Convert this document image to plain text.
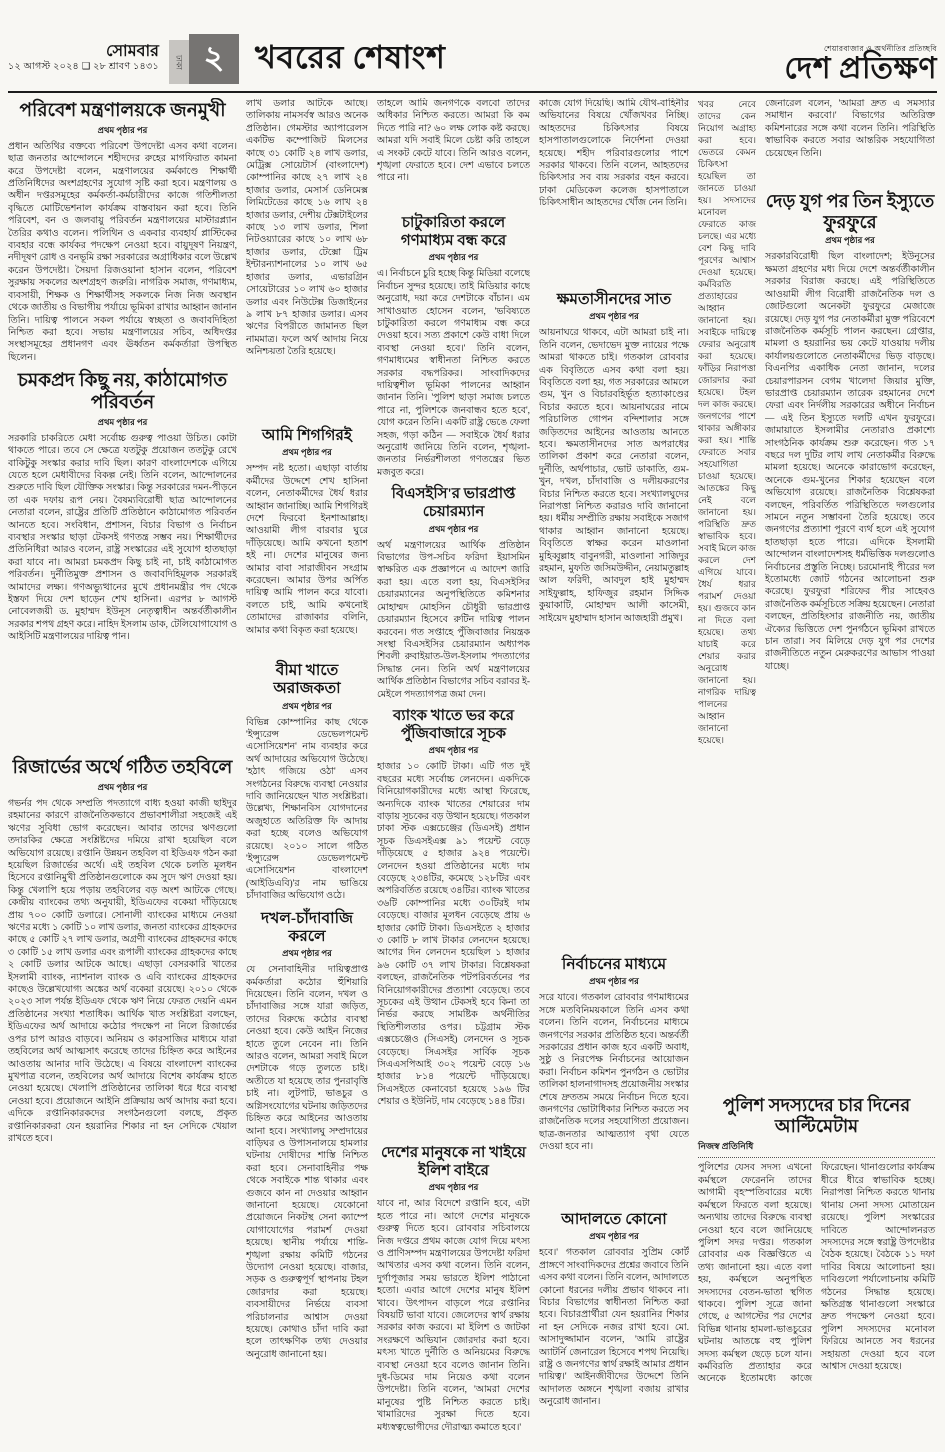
সোমবার
১২ আগস্ট ২০২৪ ❑ ২৮ শ্রাবণ ১৪৩১	ঢাকা ২ খবরের শেষাংশ	শেয়ারবাজার ও অর্থনীতির প্রতিচ্ছবি
দেশ প্রতিক্ষণ
পরিবেশ মন্ত্রণালয়কে জনমুখী
প্রথম পৃষ্ঠার পর

প্রধান অতিথির বক্তব্যে পরিবেশ উপদেষ্টা এসব কথা বলেন। ছাত্র জনতার আন্দোলনে শহীদদের রুহের মাগফিরাত কামনা করে উপদেষ্টা বলেন, মন্ত্রণালয়ের কর্মকাণ্ডে শিক্ষার্থী প্রতিনিধিদের অংশগ্রহণের সুযোগ সৃষ্টি করা হবে। মন্ত্রণালয় ও অধীন দপ্তরসমূহের কর্মকর্তা-কর্মচারীদের কাজে গতিশীলতা বৃদ্ধিতে মোটিভেশনাল কার্যক্রম বাস্তবায়ন করা হবে। তিনি পরিবেশ, বন ও জলবায়ু পরিবর্তন মন্ত্রণালয়ের মাস্টারপ্ল্যান তৈরির কথাও বলেন। পলিথিন ও একবার ব্যবহার্য প্লাস্টিকের ব্যবহার বন্ধে কার্যকর পদক্ষেপ নেওয়া হবে। বায়ুদূষণ নিয়ন্ত্রণ, নদীদূষণ রোধ ও বনভূমি রক্ষা সরকারের অগ্রাধিকার বলে উল্লেখ করেন উপদেষ্টা। সৈয়দা রিজওয়ানা হাসান বলেন, পরিবেশ সুরক্ষায় সকলের অংশগ্রহণ জরুরি। নাগরিক সমাজ, গণমাধ্যম, ব্যবসায়ী, শিক্ষক ও শিক্ষার্থীসহ সকলকে নিজ নিজ অবস্থান থেকে জাতীয় ও বিভাগীয় পর্যায়ে ভূমিকা রাখার আহ্বান জানান তিনি। দায়িত্ব পালনে সকল পর্যায়ে স্বচ্ছতা ও জবাবদিহিতা নিশ্চিত করা হবে। সভায় মন্ত্রণালয়ের সচিব, অধিদপ্তর সংস্থাসমূহের প্রধানগণ এবং ঊর্ধ্বতন কর্মকর্তারা উপস্থিত ছিলেন।

চমকপ্রদ কিছু নয়, কাঠামোগত পরিবর্তন
প্রথম পৃষ্ঠার পর

সরকারি চাকরিতে মেধা সর্বোচ্চ গুরুত্ব পাওয়া উচিত। কোটা থাকতে পারে। তবে সে ক্ষেত্রে যতটুকু প্রয়োজন ততটুকু রেখে বাকিটুকু সংস্কার করার দাবি ছিল। কারণ বাংলাদেশকে এগিয়ে যেতে হলে মেধাবীদের বিকল্প নেই। তিনি বলেন, আন্দোলনের শুরুতে দাবি ছিল যৌক্তিক সংস্কার। কিন্তু সরকারের দমন-পীড়নে তা এক দফায় রূপ নেয়। বৈষম্যবিরোধী ছাত্র আন্দোলনের নেতারা বলেন, রাষ্ট্রের প্রতিটি প্রতিষ্ঠানে কাঠামোগত পরিবর্তন আনতে হবে। সংবিধান, প্রশাসন, বিচার বিভাগ ও নির্বাচন ব্যবস্থার সংস্কার ছাড়া টেকসই গণতন্ত্র সম্ভব নয়। শিক্ষার্থীদের প্রতিনিধিরা আরও বলেন, রাষ্ট্র সংস্কারের এই সুযোগ হাতছাড়া করা যাবে না। আমরা চমকপ্রদ কিছু চাই না, চাই কাঠামোগত পরিবর্তন। দুর্নীতিমুক্ত প্রশাসন ও জবাবদিহিমূলক সরকারই আমাদের লক্ষ্য। গণঅভ্যুত্থানের মুখে প্রধানমন্ত্রীর পদ থেকে ইস্তফা দিয়ে দেশ ছাড়েন শেখ হাসিনা। এরপর ৮ আগস্ট নোবেলজয়ী ড. মুহাম্মদ ইউনূস নেতৃত্বাধীন অন্তর্বর্তীকালীন সরকার শপথ গ্রহণ করে। নাহিদ ইসলাম ডাক, টেলিযোগাযোগ ও আইসিটি মন্ত্রণালয়ের দায়িত্ব পান।

রিজার্ভের অর্থে গঠিত তহবিলে
প্রথম পৃষ্ঠার পর

গভর্নর পদ থেকে সম্প্রতি পদত্যাগে বাধ্য হওয়া কাজী ছাইদুর রহমানের কারণে রাজনৈতিকভাবে প্রভাবশালীরা সহজেই এই ঋণের সুবিধা ভোগ করেছেন। আবার তাদের ঋণগুলো তদারকির ক্ষেত্রে সংশ্লিষ্টদের দমিয়ে রাখা হয়েছিল বলে অভিযোগ রয়েছে। রপ্তানি উন্নয়ন তহবিল বা ইডিএফ গঠন করা হয়েছিল রিজার্ভের অর্থে। এই তহবিল থেকে চলতি মূলধন হিসেবে রপ্তানিমুখী প্রতিষ্ঠানগুলোকে কম সুদে ঋণ দেওয়া হয়। কিন্তু খেলাপি হয়ে পড়ায় তহবিলের বড় অংশ আটকে গেছে। কেন্দ্রীয় ব্যাংকের তথ্য অনুযায়ী, ইডিএফের বকেয়া দাঁড়িয়েছে প্রায় ৭০০ কোটি ডলারে। সোনালী ব্যাংকের মাধ্যমে নেওয়া ঋণের মধ্যে ১ কোটি ১০ লাখ ডলার, জনতা ব্যাংকের গ্রাহকদের কাছে ৫ কোটি ২৭ লাখ ডলার, অগ্রণী ব্যাংকের গ্রাহকদের কাছে ৩ কোটি ১৫ লাখ ডলার এবং রূপালী ব্যাংকের গ্রাহকদের কাছে ২ কোটি ডলার আটকে আছে। এছাড়া বেসরকারি খাতের ইসলামী ব্যাংক, ন্যাশনাল ব্যাংক ও এবি ব্যাংকের গ্রাহকদের কাছেও উল্লেখযোগ্য অঙ্কের অর্থ বকেয়া রয়েছে। ২০১০ থেকে ২০২৩ সাল পর্যন্ত ইডিএফ থেকে ঋণ নিয়ে ফেরত দেয়নি এমন প্রতিষ্ঠানের সংখ্যা শতাধিক। আর্থিক খাত সংশ্লিষ্টরা বলছেন, ইডিএফের অর্থ আদায়ে কঠোর পদক্ষেপ না নিলে রিজার্ভের ওপর চাপ আরও বাড়বে। অনিয়ম ও কারসাজির মাধ্যমে যারা তহবিলের অর্থ আত্মসাৎ করেছে তাদের চিহ্নিত করে আইনের আওতায় আনার দাবি উঠেছে। এ বিষয়ে বাংলাদেশ ব্যাংকের মুখপাত্র বলেন, তহবিলের অর্থ আদায়ে বিশেষ কার্যক্রম হাতে নেওয়া হয়েছে। খেলাপি প্রতিষ্ঠানের তালিকা ধরে ধরে ব্যবস্থা নেওয়া হবে। প্রয়োজনে আইনি প্রক্রিয়ায় অর্থ আদায় করা হবে। এদিকে রপ্তানিকারকদের সংগঠনগুলো বলছে, প্রকৃত রপ্তানিকারকরা যেন হয়রানির শিকার না হন সেদিকে খেয়াল রাখতে হবে।

লাখ ডলার আটকে আছে। তালিকায় নামসর্বস্ব আরও অনেক প্রতিষ্ঠান। গেমস্টার অ্যাপারেলস একটিভ কম্পোজিট মিলসের কাছে ৩১ কোটি ২৪ লাখ ডলার, মেট্রিক্স সোয়েটার্স (বাংলাদেশ) কোম্পানির কাছে ২৭ লাখ ২৪ হাজার ডলার, মেসার্স ডেনিমেক্স লিমিটেডের কাছে ১৬ লাখ ২৪ হাজার ডলার, দেশীয় টেক্সটাইলের কাছে ১৩ লাখ ডলার, শিলা নিটওয়্যারের কাছে ১০ লাখ ৬৮ হাজার ডলার, টেক্সো ট্রিম ইন্টারন্যাশনালের ১০ লাখ ৬৫ হাজার ডলার, এভারগ্রিন সোয়েটারের ১০ লাখ ৬০ হাজার ডলার এবং নিউটেক্স ডিজাইনের ৯ লাখ ৮৭ হাজার ডলার। এসব ঋণের বিপরীতে জামানত ছিল নামমাত্র। ফলে অর্থ আদায় নিয়ে অনিশ্চয়তা তৈরি হয়েছে।

আমি শিগগিরই
প্রথম পৃষ্ঠার পর

সম্পদ নষ্ট হতো। এছাড়া বার্তায় কর্মীদের উদ্দেশে শেখ হাসিনা বলেন, নেতাকর্মীদের ধৈর্য ধরার আহ্বান জানাচ্ছি। আমি শিগগিরই দেশে ফিরবো ইনশাআল্লাহ। আওয়ামী লীগ বারবার ঘুরে দাঁড়িয়েছে। আমি কখনো হতাশ হই না। দেশের মানুষের জন্য আমার বাবা সারাজীবন সংগ্রাম করেছেন। আমার উপর অর্পিত দায়িত্ব আমি পালন করে যাবো। বলতে চাই, আমি কখনোই তোমাদের রাজাকার বলিনি, আমার কথা বিকৃত করা হয়েছে।

বীমা খাতে অরাজকতা
প্রথম পৃষ্ঠার পর

বিভিন্ন কোম্পানির কাছ থেকে 'ইন্স্যুরেন্স ডেভেলপমেন্ট এসোসিয়েশন' নাম ব্যবহার করে অর্থ আদায়ের অভিযোগ উঠেছে। 'হঠাৎ গজিয়ে ওঠা' এসব সংগঠনের বিরুদ্ধে ব্যবস্থা নেওয়ার দাবি জানিয়েছেন খাত সংশ্লিষ্টরা। উল্লেখ্য, শিক্ষানবিস যোগদানের অজুহাতে অতিরিক্ত ফি আদায় করা হচ্ছে বলেও অভিযোগ রয়েছে। ২০১০ সালে গঠিত 'ইন্স্যুরেন্স ডেভেলপমেন্ট এসোসিয়েশন বাংলাদেশ (আইডিএবি)'র নাম ভাঙিয়ে চাঁদাবাজির অভিযোগ ওঠে।

দখল-চাঁদাবাজি করলে
প্রথম পৃষ্ঠার পর

যে সেনাবাহিনীর দায়িত্বপ্রাপ্ত কর্মকর্তারা কঠোর হুঁশিয়ারি দিয়েছেন। তিনি বলেন, দখল ও চাঁদাবাজির সঙ্গে যারা জড়িত, তাদের বিরুদ্ধে কঠোর ব্যবস্থা নেওয়া হবে। কেউ আইন নিজের হাতে তুলে নেবেন না। তিনি আরও বলেন, আমরা সবাই মিলে দেশটাকে গড়ে তুলতে চাই। অতীতে যা হয়েছে তার পুনরাবৃত্তি চাই না। লুটপাট, ভাঙচুর ও অগ্নিসংযোগের ঘটনায় জড়িতদের চিহ্নিত করে আইনের আওতায় আনা হবে। সংখ্যালঘু সম্প্রদায়ের বাড়িঘর ও উপাসনালয়ে হামলার ঘটনায় দোষীদের শাস্তি নিশ্চিত করা হবে। সেনাবাহিনীর পক্ষ থেকে সবাইকে শান্ত থাকার এবং গুজবে কান না দেওয়ার আহ্বান জানানো হয়েছে। যেকোনো প্রয়োজনে নিকটস্থ সেনা ক্যাম্পে যোগাযোগের পরামর্শ দেওয়া হয়েছে। স্থানীয় পর্যায়ে শান্তি-শৃঙ্খলা রক্ষায় কমিটি গঠনের উদ্যোগ নেওয়া হয়েছে। বাজার, সড়ক ও গুরুত্বপূর্ণ স্থাপনায় টহল জোরদার করা হয়েছে। ব্যবসায়ীদের নির্ভয়ে ব্যবসা পরিচালনার আশ্বাস দেওয়া হয়েছে। কোথাও চাঁদা দাবি করা হলে তাৎক্ষণিক তথ্য দেওয়ার অনুরোধ জানানো হয়।

তাহলে আমি জনগণকে বলবো তাদের অধিকার নিশ্চিত করতে। আমরা কি কম দিতে পারি না? ৬০ লক্ষ লোক কষ্ট করছে। আমরা যদি সবাই মিলে চেষ্টা করি তাহলে এ সংকট কেটে যাবে। তিনি আরও বলেন, শৃঙ্খলা ফেরাতে হবে। দেশ এভাবে চলতে পারে না।

চাটুকারিতা করলে গণমাধ্যম বন্ধ করে
প্রথম পৃষ্ঠার পর

এ। নির্বাচনে চুরি হচ্ছে কিন্তু মিডিয়া বলেছে নির্বাচন সুন্দর হয়েছে। তাই মিডিয়ার কাছে অনুরোধ, দয়া করে দেশটাকে বাঁচান। এম সাখাওয়াত হোসেন বলেন, 'ভবিষ্যতে চাটুকারিতা করলে গণমাধ্যম বন্ধ করে দেওয়া হবে। সত্য প্রকাশে কেউ বাধা দিলে ব্যবস্থা নেওয়া হবে।' তিনি বলেন, গণমাধ্যমের স্বাধীনতা নিশ্চিত করতে সরকার বদ্ধপরিকর। সাংবাদিকদের দায়িত্বশীল ভূমিকা পালনের আহ্বান জানান তিনি। 'পুলিশ ছাড়া সমাজ চলতে পারে না, পুলিশকে জনবান্ধব হতে হবে', যোগ করেন তিনি। একটি রাষ্ট্র ভেঙে ফেলা সহজ, গড়া কঠিন — সবাইকে ধৈর্য ধরার অনুরোধ জানিয়ে তিনি বলেন, শৃঙ্খলা-জনতার নির্ভরশীলতা গণতন্ত্রের ভিত মজবুত করে।

বিএসইসি'র ভারপ্রাপ্ত চেয়ারম্যান
প্রথম পৃষ্ঠার পর

অর্থ মন্ত্রণালয়ের আর্থিক প্রতিষ্ঠান বিভাগের উপ-সচিব ফরিদা ইয়াসমিন স্বাক্ষরিত এক প্রজ্ঞাপনে এ আদেশ জারি করা হয়। এতে বলা হয়, বিএসইসির চেয়ারম্যানের অনুপস্থিতিতে কমিশনার মোহাম্মদ মোহসিন চৌধুরী ভারপ্রাপ্ত চেয়ারম্যান হিসেবে রুটিন দায়িত্ব পালন করবেন। গত সপ্তাহে পুঁজিবাজার নিয়ন্ত্রক সংস্থা বিএসইসির চেয়ারম্যান অধ্যাপক শিবলী রুবাইয়াত-উল-ইসলাম পদত্যাগের সিদ্ধান্ত নেন। তিনি অর্থ মন্ত্রণালয়ের আর্থিক প্রতিষ্ঠান বিভাগের সচিব বরাবর ই-মেইলে পদত্যাগপত্র জমা দেন।

ব্যাংক খাতে ভর করে পুঁজিবাজারে সূচক
প্রথম পৃষ্ঠার পর

হাজার ১০ কোটি টাকা। এটি গত দুই বছরের মধ্যে সর্বোচ্চ লেনদেন। একদিকে বিনিয়োগকারীদের মধ্যে আস্থা ফিরেছে, অন্যদিকে ব্যাংক খাতের শেয়ারের দাম বাড়ায় সূচকের বড় উত্থান হয়েছে। গতকাল ঢাকা স্টক এক্সচেঞ্জের (ডিএসই) প্রধান সূচক ডিএসইএক্স ৯১ পয়েন্ট বেড়ে দাঁড়িয়েছে ৫ হাজার ৯২৪ পয়েন্টে। লেনদেন হওয়া প্রতিষ্ঠানের মধ্যে দাম বেড়েছে ২৩৪টির, কমেছে ১২৮টির এবং অপরিবর্তিত রয়েছে ৩৪টির। ব্যাংক খাতের ৩৬টি কোম্পানির মধ্যে ৩০টিরই দাম বেড়েছে। বাজার মূলধন বেড়েছে প্রায় ৬ হাজার কোটি টাকা। ডিএসইতে ২ হাজার ৩ কোটি ৮ লাখ টাকার লেনদেন হয়েছে। আগের দিন লেনদেন হয়েছিল ১ হাজার ৯৬ কোটি ৩৭ লাখ টাকার। বিশ্লেষকরা বলছেন, রাজনৈতিক পটপরিবর্তনের পর বিনিয়োগকারীদের প্রত্যাশা বেড়েছে। তবে সূচকের এই উত্থান টেকসই হবে কিনা তা নির্ভর করছে সামষ্টিক অর্থনীতির স্থিতিশীলতার ওপর। চট্টগ্রাম স্টক এক্সচেঞ্জেও (সিএসই) লেনদেন ও সূচক বেড়েছে। সিএসইর সার্বিক সূচক সিএএসপিআই ৩০২ পয়েন্ট বেড়ে ১৬ হাজার ৮১৪ পয়েন্টে দাঁড়িয়েছে। সিএসইতে কেনাবেচা হয়েছে ১৯৬ টির শেয়ার ও ইউনিট, দাম বেড়েছে ১৪৪ টির।

দেশের মানুষকে না খাইয়ে ইলিশ বাইরে
প্রথম পৃষ্ঠার পর

যাবে না, আর বিদেশে রপ্তানি হবে, এটা হতে পারে না। আগে দেশের মানুষকে গুরুত্ব দিতে হবে। রোববার সচিবালয়ে নিজ দপ্তরে প্রথম কাজে যোগ দিয়ে মৎস্য ও প্রাণিসম্পদ মন্ত্রণালয়ের উপদেষ্টা ফরিদা আখতার এসব কথা বলেন। তিনি বলেন, দুর্গাপূজার সময় ভারতে ইলিশ পাঠানো হতো। এবার আগে দেশের মানুষ ইলিশ খাবে। উৎপাদন বাড়লে পরে রপ্তানির বিষয়টি ভাবা যাবে। জেলেদের স্বার্থ রক্ষায় সরকার কাজ করবে। মা ইলিশ ও জাটকা সংরক্ষণে অভিযান জোরদার করা হবে। মৎস্য খাতে দুর্নীতি ও অনিয়মের বিরুদ্ধে ব্যবস্থা নেওয়া হবে বলেও জানান তিনি। দুধ-ডিমের দাম নিয়েও কথা বলেন উপদেষ্টা। তিনি বলেন, 'আমরা দেশের মানুষের পুষ্টি নিশ্চিত করতে চাই। খামারিদের সুরক্ষা দিতে হবে। মধ্যস্বত্বভোগীদের দৌরাত্ম্য কমাতে হবে।'

কাজে যোগ দিয়েছি। আমি যৌথ-বাহিনীর অভিযানের বিষয়ে খোঁজখবর নিচ্ছি। আহতদের চিকিৎসার বিষয়ে হাসপাতালগুলোকে নির্দেশনা দেওয়া হয়েছে। শহীদ পরিবারগুলোর পাশে সরকার থাকবে। তিনি বলেন, আহতদের চিকিৎসার সব ব্যয় সরকার বহন করবে। ঢাকা মেডিকেল কলেজ হাসপাতালে চিকিৎসাধীন আহতদের খোঁজ নেন তিনি।

ক্ষমতাসীনদের সাত
প্রথম পৃষ্ঠার পর

আয়নাঘরে থাকবে, এটা আমরা চাই না। তিনি বলেন, ভেদাভেদ মুক্ত ন্যায়ের পক্ষে আমরা থাকতে চাই। গতকাল রোববার এক বিবৃতিতে এসব কথা বলা হয়। বিবৃতিতে বলা হয়, গত সরকারের আমলে গুম, খুন ও বিচারবহির্ভূত হত্যাকাণ্ডের বিচার করতে হবে। আয়নাঘরের নামে পরিচালিত গোপন বন্দিশালার সঙ্গে জড়িতদের আইনের আওতায় আনতে হবে। ক্ষমতাসীনদের সাত অপরাধের তালিকা প্রকাশ করে নেতারা বলেন, দুর্নীতি, অর্থপাচার, ভোট ডাকাতি, গুম-খুন, দখল, চাঁদাবাজি ও দলীয়করণের বিচার নিশ্চিত করতে হবে। সংখ্যালঘুদের নিরাপত্তা নিশ্চিত করারও দাবি জানানো হয়। ধর্মীয় সম্প্রীতি রক্ষায় সবাইকে সজাগ থাকার আহ্বান জানানো হয়েছে। বিবৃতিতে স্বাক্ষর করেন মাওলানা মুহিব্বুল্লাহ বাবুনগরী, মাওলানা সাজিদুর রহমান, মুফতি জসিমউদ্দীন, নেয়ামতুল্লাহ আল ফরিদী, আবদুল হাই মুহাম্মদ সাইফুল্লাহ, হাফিজুর রহমান সিদ্দিক কুয়াকাটি, মোহাম্মদ আলী কাসেমী, সাইয়েদ মুহাম্মাদ হাসান আজহারী প্রমুখ।

নির্বাচনের মাধ্যমে
প্রথম পৃষ্ঠার পর

সরে যাবে। গতকাল রোববার গণমাধ্যমের সঙ্গে মতবিনিময়কালে তিনি এসব কথা বলেন। তিনি বলেন, নির্বাচনের মাধ্যমে জনগণের সরকার প্রতিষ্ঠিত হবে। অন্তর্বর্তী সরকারের প্রধান কাজ হবে একটি অবাধ, সুষ্ঠু ও নিরপেক্ষ নির্বাচনের আয়োজন করা। নির্বাচন কমিশন পুনর্গঠন ও ভোটার তালিকা হালনাগাদসহ প্রয়োজনীয় সংস্কার শেষে দ্রুততম সময়ে নির্বাচন দিতে হবে। জনগণের ভোটাধিকার নিশ্চিত করতে সব রাজনৈতিক দলের সহযোগিতা প্রয়োজন। ছাত্র-জনতার আত্মত্যাগ বৃথা যেতে দেওয়া হবে না।

আদালতে কোনো
প্রথম পৃষ্ঠার পর

হবে।' গতকাল রোববার সুপ্রিম কোর্ট প্রাঙ্গণে সাংবাদিকদের প্রশ্নের জবাবে তিনি এসব কথা বলেন। তিনি বলেন, আদালতে কোনো ধরনের দলীয় প্রভাব থাকবে না। বিচার বিভাগের স্বাধীনতা নিশ্চিত করা হবে। বিচারপ্রার্থীরা যেন হয়রানির শিকার না হন সেদিকে নজর রাখা হবে। মো. আসাদুজ্জামান বলেন, 'আমি রাষ্ট্রের অ্যাটর্নি জেনারেল হিসেবে শপথ নিয়েছি। রাষ্ট্র ও জনগণের স্বার্থ রক্ষাই আমার প্রধান দায়িত্ব।' আইনজীবীদের উদ্দেশে তিনি আদালত অঙ্গনে শৃঙ্খলা বজায় রাখার অনুরোধ জানান।

খবর নেবে তাদের কেন নিয়োগ অগ্রাহ্য করা হবে। ভেতরে কেমন চিকিৎসা হয়েছিল তা জানতে চাওয়া হয়। সদস্যদের মনোবল ফেরাতে কাজ চলছে। এর মধ্যে বেশ কিছু দাবি পূরণের আশ্বাস দেওয়া হয়েছে। কর্মবিরতি প্রত্যাহারের আহ্বান জানানো হয়। সবাইকে দায়িত্বে ফেরার অনুরোধ করা হয়েছে। ফাঁড়ির নিরাপত্তা জোরদার করা হয়েছে। টহল দল কাজ করছে। জনগণের পাশে থাকার অঙ্গীকার করা হয়। শান্তি ফেরাতে সবার সহযোগিতা চাওয়া হয়েছে। আতঙ্কের কিছু নেই বলে জানানো হয়। পরিস্থিতি দ্রুত স্বাভাবিক হবে। সবাই মিলে কাজ করলে দেশ এগিয়ে যাবে। ধৈর্য ধরার পরামর্শ দেওয়া হয়। গুজবে কান না দিতে বলা হয়েছে। তথ্য যাচাই করে শেয়ার করার অনুরোধ জানানো হয়। নাগরিক দায়িত্ব পালনের আহ্বান জানানো হয়েছে।

জেনারেল বলেন, 'আমরা দ্রুত এ সমস্যার সমাধান করবো।' বিভাগের অতিরিক্ত কমিশনারের সঙ্গে কথা বলেন তিনি। পরিস্থিতি স্বাভাবিক করতে সবার আন্তরিক সহযোগিতা চেয়েছেন তিনি।

দেড় যুগ পর তিন ইস্যুতে ফুরফুরে
প্রথম পৃষ্ঠার পর

সরকারবিরোধী ছিল বাংলাদেশ; ইউনূসের ক্ষমতা গ্রহণের মধ্য দিয়ে দেশে অন্তর্বর্তীকালীন সরকার বিরাজ করছে। এই পরিস্থিতিতে আওয়ামী লীগ বিরোধী রাজনৈতিক দল ও জোটগুলো অনেকটা ফুরফুরে মেজাজে রয়েছে। দেড় যুগ পর নেতাকর্মীরা মুক্ত পরিবেশে রাজনৈতিক কর্মসূচি পালন করছেন। গ্রেপ্তার, মামলা ও হয়রানির ভয় কেটে যাওয়ায় দলীয় কার্যালয়গুলোতে নেতাকর্মীদের ভিড় বাড়ছে। বিএনপির একাধিক নেতা জানান, দলের চেয়ারপারসন বেগম খালেদা জিয়ার মুক্তি, ভারপ্রাপ্ত চেয়ারম্যান তারেক রহমানের দেশে ফেরা এবং নির্দলীয় সরকারের অধীনে নির্বাচন — এই তিন ইস্যুতে দলটি এখন ফুরফুরে। জামায়াতে ইসলামীর নেতারাও প্রকাশ্যে সাংগঠনিক কার্যক্রম শুরু করেছেন। গত ১৭ বছরে দল দুটির লাখ লাখ নেতাকর্মীর বিরুদ্ধে মামলা হয়েছে। অনেকে কারাভোগ করেছেন, অনেকে গুম-খুনের শিকার হয়েছেন বলে অভিযোগ রয়েছে। রাজনৈতিক বিশ্লেষকরা বলছেন, পরিবর্তিত পরিস্থিতিতে দলগুলোর সামনে নতুন সম্ভাবনা তৈরি হয়েছে। তবে জনগণের প্রত্যাশা পূরণে ব্যর্থ হলে এই সুযোগ হাতছাড়া হতে পারে। এদিকে ইসলামী আন্দোলন বাংলাদেশসহ ধর্মভিত্তিক দলগুলোও নির্বাচনের প্রস্তুতি নিচ্ছে। চরমোনাই পীরের দল ইতোমধ্যে জোট গঠনের আলোচনা শুরু করেছে। ফুরফুরা শরিফের পীর সাহেবও রাজনৈতিক কর্মসূচিতে সক্রিয় হয়েছেন। নেতারা বলছেন, প্রতিহিংসার রাজনীতি নয়, জাতীয় ঐক্যের ভিত্তিতে দেশ পুনর্গঠনে ভূমিকা রাখতে চান তারা। সব মিলিয়ে দেড় যুগ পর দেশের রাজনীতিতে নতুন মেরুকরণের আভাস পাওয়া যাচ্ছে।

পুলিশ সদস্যদের চার দিনের আল্টিমেটাম
নিজস্ব প্রতিনিধি

পুলিশের যেসব সদস্য এখনো কর্মস্থলে ফেরেননি তাদের আগামী বৃহস্পতিবারের মধ্যে কর্মস্থলে ফিরতে বলা হয়েছে। অন্যথায় তাদের বিরুদ্ধে ব্যবস্থা নেওয়া হবে বলে জানিয়েছে পুলিশ সদর দপ্তর। গতকাল রোববার এক বিজ্ঞপ্তিতে এ তথ্য জানানো হয়। এতে বলা হয়, কর্মস্থলে অনুপস্থিত সদস্যদের বেতন-ভাতা স্থগিত থাকবে। পুলিশ সূত্রে জানা গেছে, ৫ আগস্টের পর দেশের বিভিন্ন থানায় হামলা-ভাঙচুরের ঘটনায় আতঙ্কে বহু পুলিশ সদস্য কর্মস্থল ছেড়ে চলে যান। কর্মবিরতি প্রত্যাহার করে অনেকে ইতোমধ্যে কাজে ফিরেছেন। থানাগুলোর কার্যক্রম ধীরে ধীরে স্বাভাবিক হচ্ছে। নিরাপত্তা নিশ্চিত করতে থানায় থানায় সেনা সদস্য মোতায়েন রয়েছে। পুলিশ সংস্কারের দাবিতে আন্দোলনরত সদস্যদের সঙ্গে স্বরাষ্ট্র উপদেষ্টার বৈঠক হয়েছে। বৈঠকে ১১ দফা দাবির বিষয়ে আলোচনা হয়। দাবিগুলো পর্যালোচনায় কমিটি গঠনের সিদ্ধান্ত হয়েছে। ক্ষতিগ্রস্ত থানাগুলো সংস্কারে দ্রুত পদক্ষেপ নেওয়া হবে। পুলিশ সদস্যদের মনোবল ফিরিয়ে আনতে সব ধরনের সহায়তা দেওয়া হবে বলে আশ্বাস দেওয়া হয়েছে।
